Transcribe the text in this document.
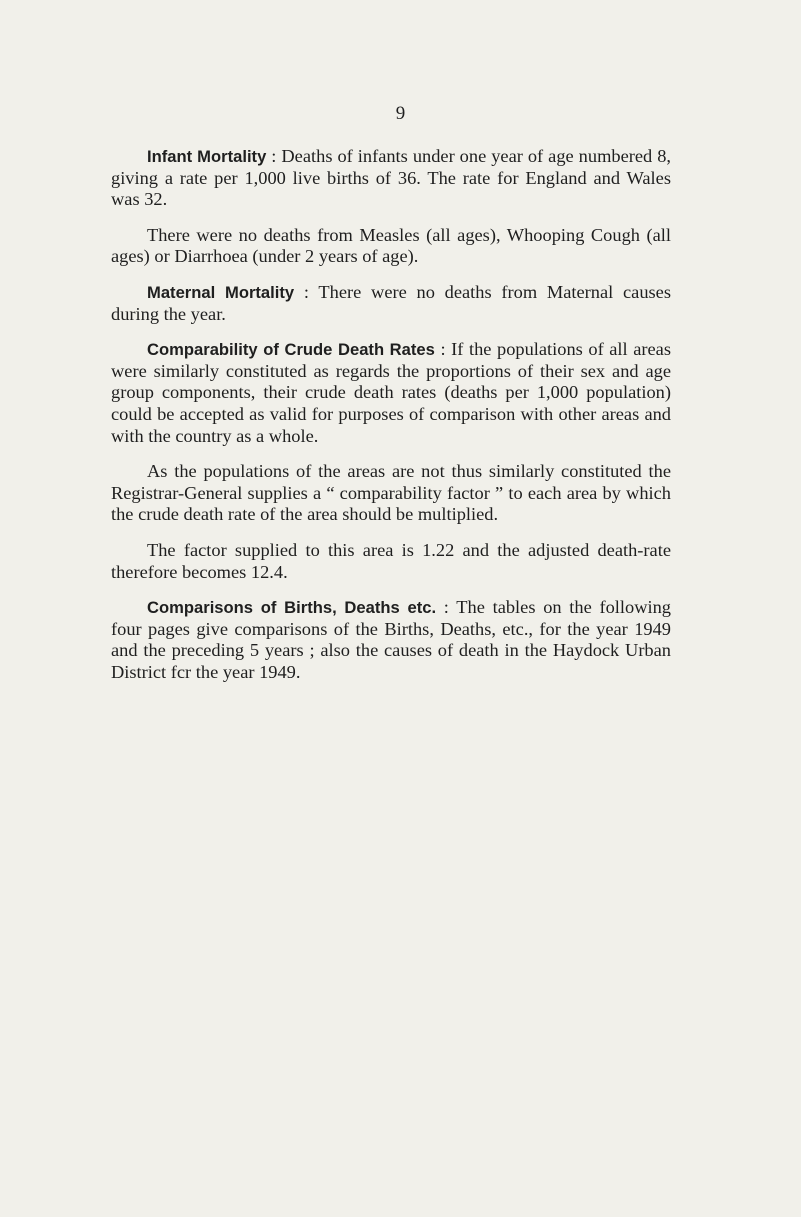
9

Infant Mortality : Deaths of infants under one year of age numbered 8, giving a rate per 1,000 live births of 36. The rate for England and Wales was 32.

There were no deaths from Measles (all ages), Whooping Cough (all ages) or Diarrhoea (under 2 years of age).

Maternal Mortality : There were no deaths from Maternal causes during the year.

Comparability of Crude Death Rates : If the populations of all areas were similarly constituted as regards the proportions of their sex and age group components, their crude death rates (deaths per 1,000 population) could be accepted as valid for purposes of comparison with other areas and with the country as a whole.

As the populations of the areas are not thus similarly constituted the Registrar-General supplies a “ comparability factor ” to each area by which the crude death rate of the area should be multiplied.

The factor supplied to this area is 1.22 and the adjusted death-rate therefore becomes 12.4.

Comparisons of Births, Deaths etc. : The tables on the following four pages give comparisons of the Births, Deaths, etc., for the year 1949 and the preceding 5 years ; also the causes of death in the Haydock Urban District fcr the year 1949.
